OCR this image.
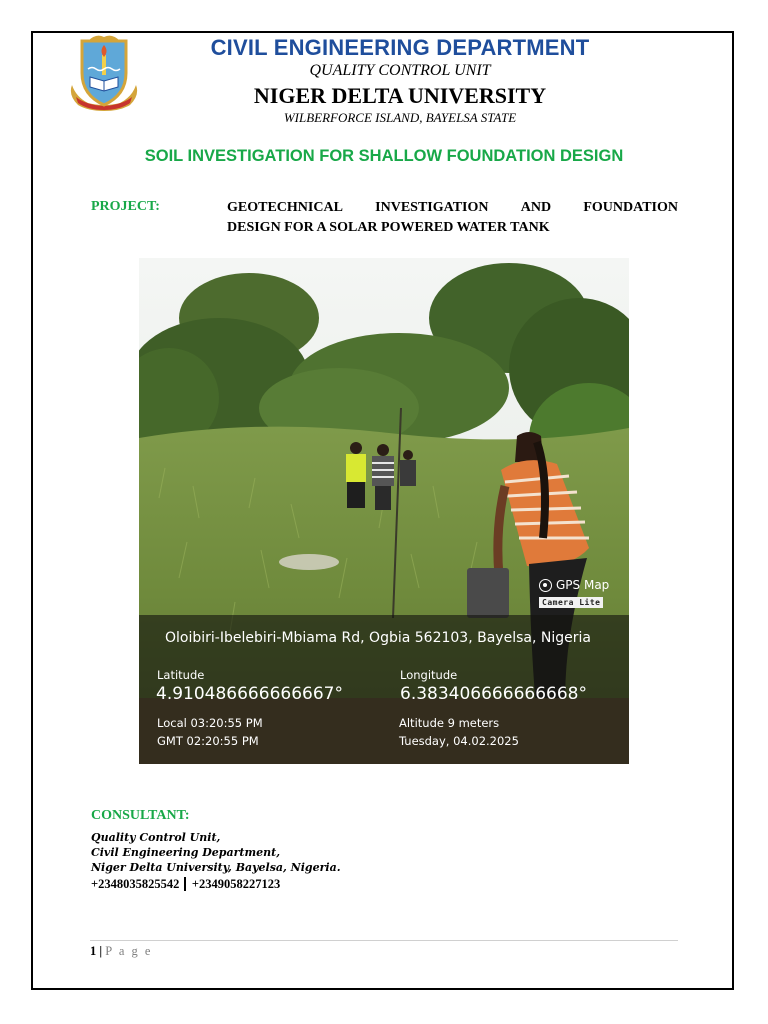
CIVIL ENGINEERING DEPARTMENT
QUALITY CONTROL UNIT
NIGER DELTA UNIVERSITY
WILBERFORCE ISLAND, BAYELSA STATE
SOIL INVESTIGATION FOR SHALLOW FOUNDATION DESIGN
PROJECT:	GEOTECHNICAL INVESTIGATION AND FOUNDATION
DESIGN FOR A SOLAR POWERED WATER TANK
GPS Map
Camera Lite
Oloibiri-Ibelebiri-Mbiama Rd, Ogbia 562103, Bayelsa, Nigeria
Latitude	Longitude
4.910486666666667°	6.383406666666668°
Local 03:20:55 PM
GMT 02:20:55 PM
Altitude 9 meters
Tuesday, 04.02.2025
CONSULTANT:
Quality Control Unit,
Civil Engineering Department,
Niger Delta University, Bayelsa, Nigeria.
+2348035825542 +2349058227123
1 | P a g e
